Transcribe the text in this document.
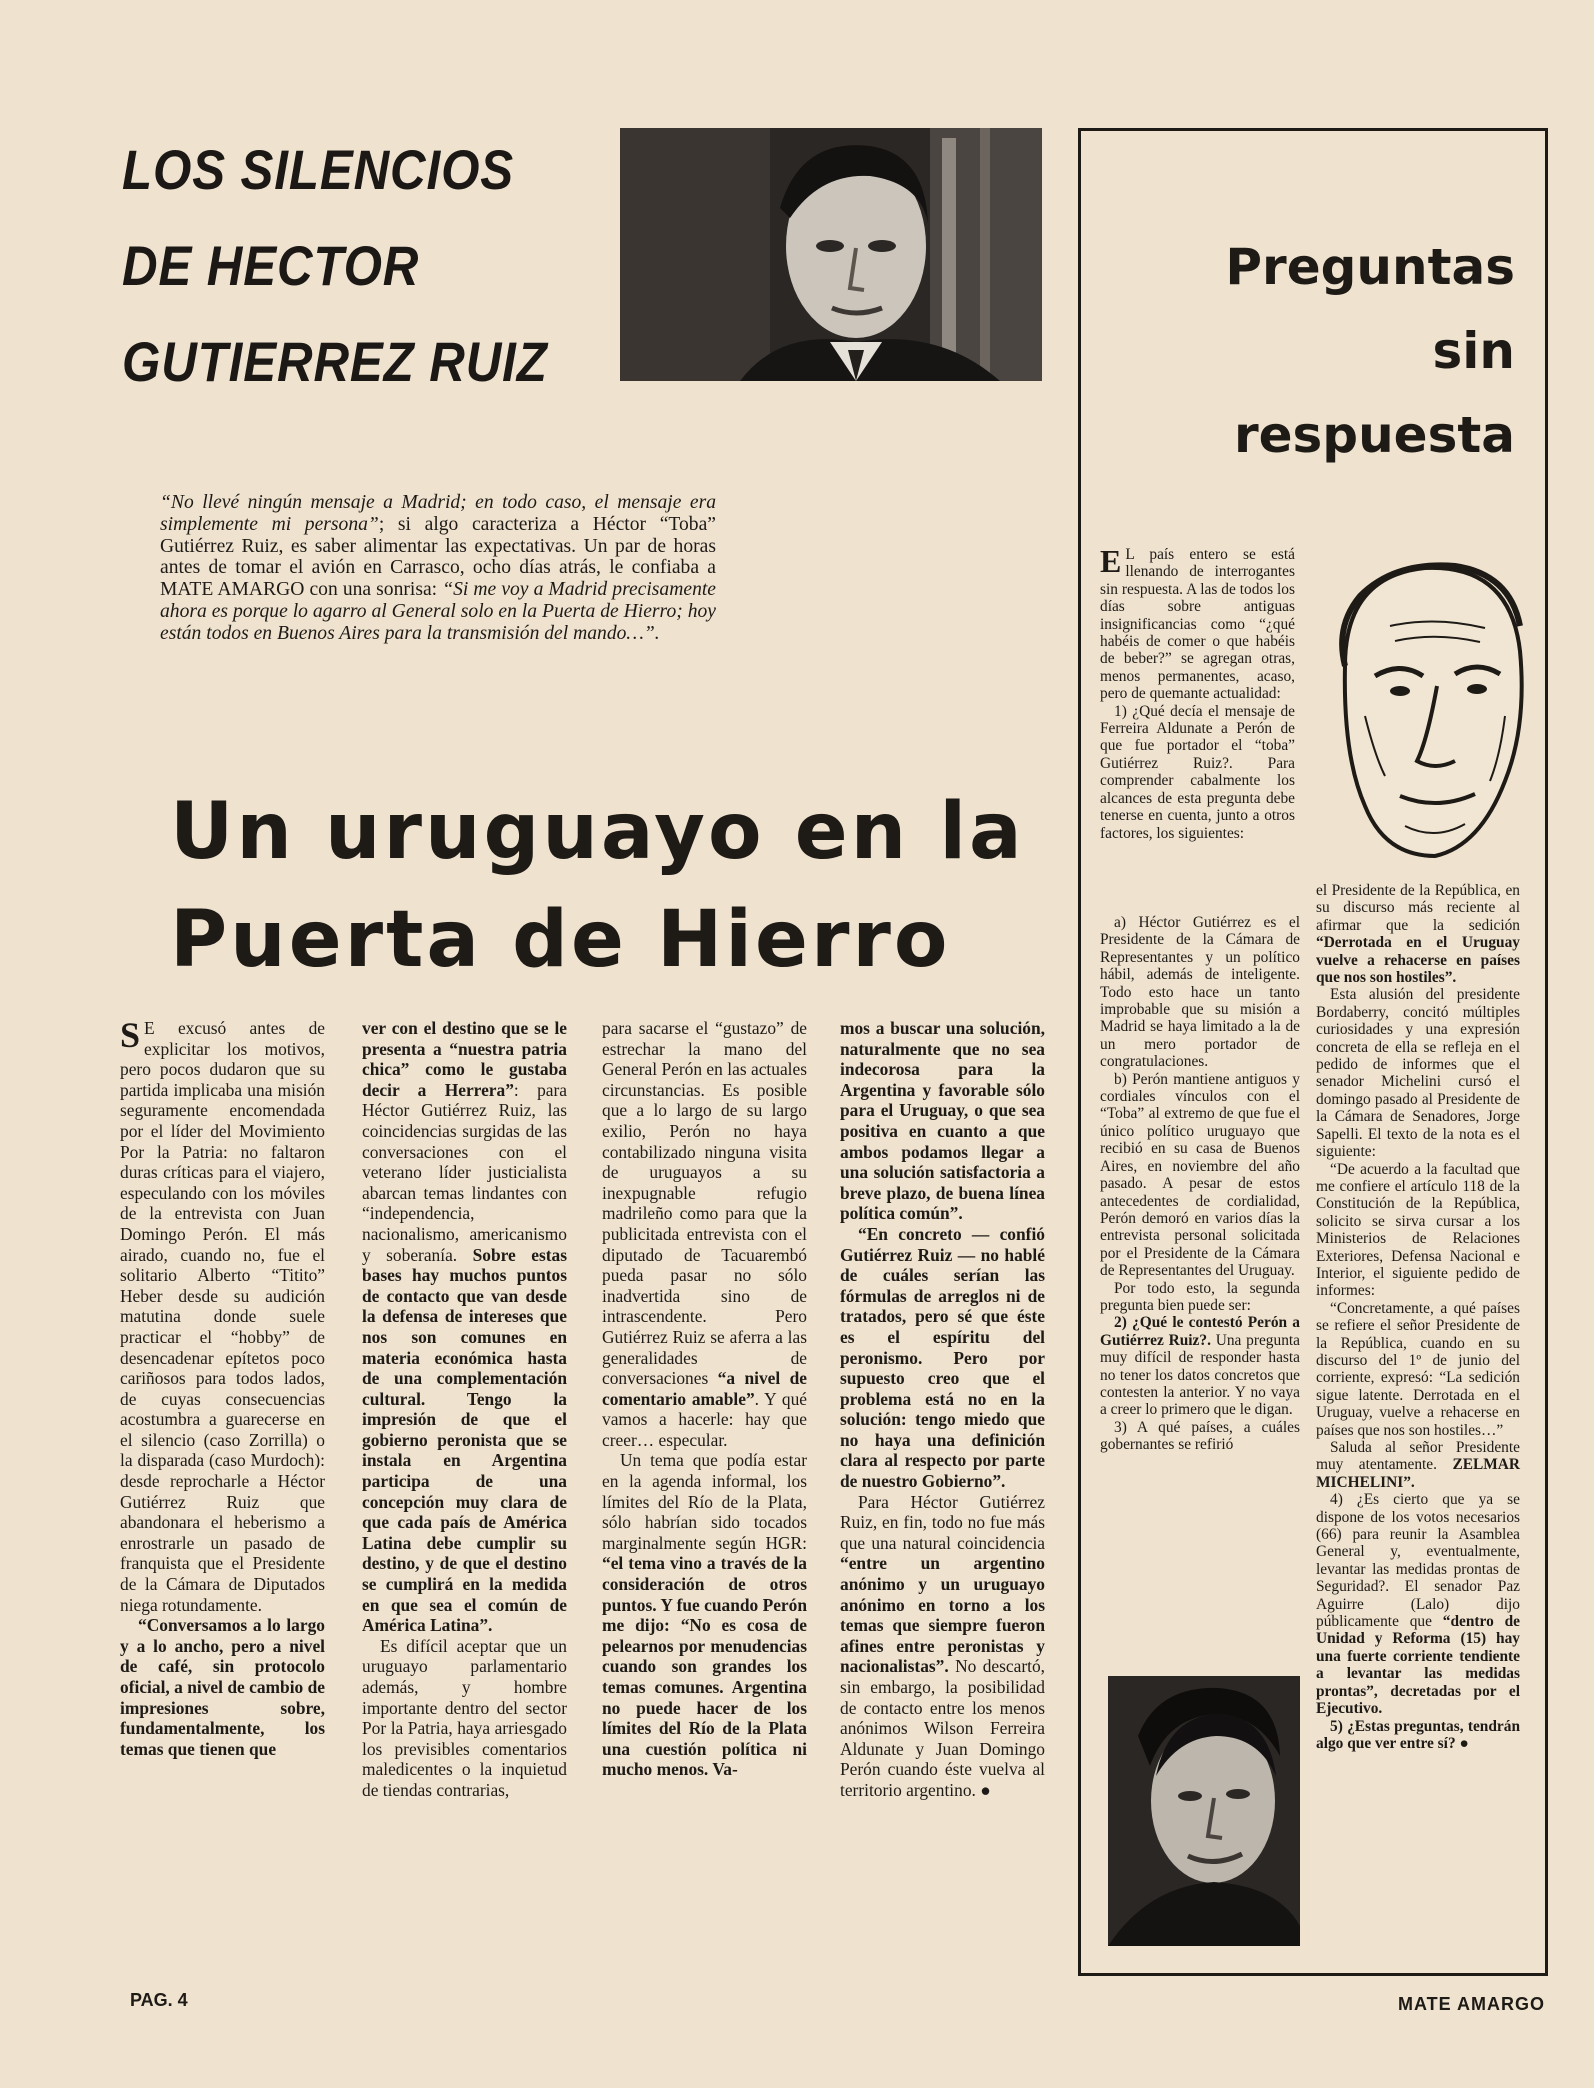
LOS SILENCIOS
DE HECTOR
GUTIERREZ RUIZ
“No llevé ningún mensaje a Madrid; en todo caso, el mensaje era simplemente mi persona”; si algo caracteriza a Héctor “Toba” Gutiérrez Ruiz, es saber alimentar las expectativas. Un par de horas antes de tomar el avión en Carrasco, ocho días atrás, le confiaba a MATE AMARGO con una sonrisa: “Si me voy a Madrid precisamente ahora es porque lo agarro al General solo en la Puerta de Hierro; hoy están todos en Buenos Aires para la transmisión del mando…”.
Un uruguayo en la
Puerta de Hierro

S E excusó antes de explicitar los motivos, pero pocos dudaron que su partida implicaba una misión seguramente encomendada por el líder del Movimiento Por la Patria: no faltaron duras críticas para el viajero, especulando con los móviles de la entrevista con Juan Domingo Perón. El más airado, cuando no, fue el solitario Alberto “Titito” Heber desde su audición matutina donde suele practicar el “hobby” de desencadenar epítetos poco cariñosos para todos lados, de cuyas consecuencias acostumbra a guarecerse en el silencio (caso Zorrilla) o la disparada (caso Murdoch): desde reprocharle a Héctor Gutiérrez Ruiz que abandonara el heberismo a enrostrarle un pasado de franquista que el Presidente de la Cámara de Diputados niega rotundamente.

“Conversamos a lo largo y a lo ancho, pero a nivel de café, sin protocolo oficial, a nivel de cambio de impresiones sobre, fundamentalmente, los temas que tienen que

ver con el destino que se le presenta a “nuestra patria chica” como le gustaba decir a Herrera”: para Héctor Gutiérrez Ruiz, las coincidencias surgidas de las conversaciones con el veterano líder justicialista abarcan temas lindantes con “independencia, nacionalismo, americanismo y soberanía. Sobre estas bases hay muchos puntos de contacto que van desde la defensa de intereses que nos son comunes en materia económica hasta de una complementación cultural. Tengo la impresión de que el gobierno peronista que se instala en Argentina participa de una concepción muy clara de que cada país de América Latina debe cumplir su destino, y de que el destino se cumplirá en la medida en que sea el común de América Latina”.

Es difícil aceptar que un uruguayo parlamentario además, y hombre importante dentro del sector Por la Patria, haya arriesgado los previsibles comentarios maledicentes o la inquietud de tiendas contrarias,

para sacarse el “gustazo” de estrechar la mano del General Perón en las actuales circunstancias. Es posible que a lo largo de su largo exilio, Perón no haya contabilizado ninguna visita de uruguayos a su inexpugnable refugio madrileño como para que la publicitada entrevista con el diputado de Tacuarembó pueda pasar no sólo inadvertida sino de intrascendente. Pero Gutiérrez Ruiz se aferra a las generalidades de conversaciones “a nivel de comentario amable”. Y qué vamos a hacerle: hay que creer… especular.

Un tema que podía estar en la agenda informal, los límites del Río de la Plata, sólo habrían sido tocados marginalmente según HGR: “el tema vino a través de la consideración de otros puntos. Y fue cuando Perón me dijo: “No es cosa de pelearnos por menudencias cuando son grandes los temas comunes. Argentina no puede hacer de los límites del Río de la Plata una cuestión política ni mucho menos. Va-

mos a buscar una solución, naturalmente que no sea indecorosa para la Argentina y favorable sólo para el Uruguay, o que sea positiva en cuanto a que ambos podamos llegar a una solución satisfactoria a breve plazo, de buena línea política común”.

“En concreto — confió Gutiérrez Ruiz — no hablé de cuáles serían las fórmulas de arreglos ni de tratados, pero sé que éste es el espíritu del peronismo. Pero por supuesto creo que el problema está no en la solución: tengo miedo que no haya una definición clara al respecto por parte de nuestro Gobierno”.

Para Héctor Gutiérrez Ruiz, en fin, todo no fue más que una natural coincidencia “entre un argentino anónimo y un uruguayo anónimo en torno a los temas que siempre fueron afines entre peronistas y nacionalistas”. No descartó, sin embargo, la posibilidad de contacto entre los menos anónimos Wilson Ferreira Aldunate y Juan Domingo Perón cuando éste vuelva al territorio argentino. ●

PAG. 4	MATE AMARGO
Preguntas
sin
respuesta

E L país entero se está llenando de interrogantes sin respuesta. A las de todos los días sobre antiguas insignificancias como “¿qué habéis de comer o que habéis de beber?” se agregan otras, menos permanentes, acaso, pero de quemante actualidad:

1) ¿Qué decía el mensaje de Ferreira Aldunate a Perón de que fue portador el “toba” Gutiérrez Ruiz?. Para comprender cabalmente los alcances de esta pregunta debe tenerse en cuenta, junto a otros factores, los siguientes:

a) Héctor Gutiérrez es el Presidente de la Cámara de Representantes y un político hábil, además de inteligente. Todo esto hace un tanto improbable que su misión a Madrid se haya limitado a la de un mero portador de congratulaciones.

b) Perón mantiene antiguos y cordiales vínculos con el “Toba” al extremo de que fue el único político uruguayo que recibió en su casa de Buenos Aires, en noviembre del año pasado. A pesar de estos antecedentes de cordialidad, Perón demoró en varios días la entrevista personal solicitada por el Presidente de la Cámara de Representantes del Uruguay.

Por todo esto, la segunda pregunta bien puede ser:

2) ¿Qué le contestó Perón a Gutiérrez Ruiz?. Una pregunta muy difícil de responder hasta no tener los datos concretos que contesten la anterior. Y no vaya a creer lo primero que le digan.

3) A qué países, a cuáles gobernantes se refirió

el Presidente de la República, en su discurso más reciente al afirmar que la sedición “Derrotada en el Uruguay vuelve a rehacerse en países que nos son hostiles”.

Esta alusión del presidente Bordaberry, concitó múltiples curiosidades y una expresión concreta de ella se refleja en el pedido de informes que el senador Michelini cursó el domingo pasado al Presidente de la Cámara de Senadores, Jorge Sapelli. El texto de la nota es el siguiente:

“De acuerdo a la facultad que me confiere el artículo 118 de la Constitución de la República, solicito se sirva cursar a los Ministerios de Relaciones Exteriores, Defensa Nacional e Interior, el siguiente pedido de informes:

“Concretamente, a qué países se refiere el señor Presidente de la República, cuando en su discurso del 1º de junio del corriente, expresó: “La sedición sigue latente. Derrotada en el Uruguay, vuelve a rehacerse en países que nos son hostiles…”

Saluda al señor Presidente muy atentamente. ZELMAR MICHELINI”.

4) ¿Es cierto que ya se dispone de los votos necesarios (66) para reunir la Asamblea General y, eventualmente, levantar las medidas prontas de Seguridad?. El senador Paz Aguirre (Lalo) dijo públicamente que “dentro de Unidad y Reforma (15) hay una fuerte corriente tendiente a levantar las medidas prontas”, decretadas por el Ejecutivo.

5) ¿Estas preguntas, tendrán algo que ver entre sí? ●
